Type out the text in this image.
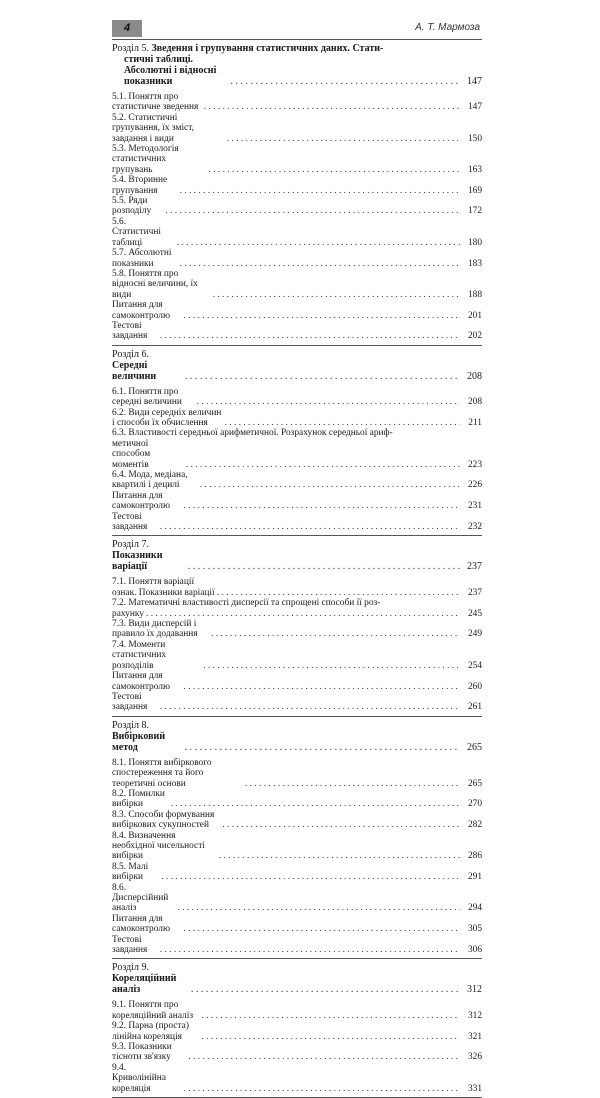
4	А. Т. Мармоза
Розділ 5. Зведення і групування статистичних даних. Стати-
стичні таблиці. Абсолютні і відносні показники . . .	147
5.1. Поняття про статистичне зведення . . .	147
5.2. Статистичні групування, їх зміст, завдання і види . . .	150
5.3. Методологія статистичних групувань . . .	163
5.4. Вторинне групування . . .	169
5.5. Ряди розподілу . . .	172
5.6. Статистичні таблиці . . .	180
5.7. Абсолютні показники . . .	183
5.8. Поняття про відносні величини, їх види . . .	188
Питання для самоконтролю . . .	201
Тестові завдання . . .	202
Розділ 6. Середні величини . . .	208
6.1. Поняття про середні величини . . .	208
6.2. Види середніх величин і способи їх обчислення . . .	211
6.3. Властивості середньої арифметичної. Розрахунок середньої ариф-
метичної способом моментів . . .	223
6.4. Мода, медіана, квартилі і децилі . . .	226
Питання для самоконтролю . . .	231
Тестові завдання . . .	232
Розділ 7. Показники варіації . . .	237
7.1. Поняття варіації ознак. Показники варіації . . .	237
7.2. Математичні властивості дисперсії та спрощені способи її роз-
рахунку . . .	245
7.3. Види дисперсій і правило їх додавання . . .	249
7.4. Моменти статистичних розподілів . . .	254
Питання для самоконтролю . . .	260
Тестові завдання . . .	261
Розділ 8. Вибірковий метод . . .	265
8.1. Поняття вибіркового спостереження та його теоретичні основи . . .	265
8.2. Помилки вибірки . . .	270
8.3. Способи формування вибіркових сукупностей . . .	282
8.4. Визначення необхідної чисельності вибірки . . .	286
8.5. Малі вибірки . . .	291
8.6. Дисперсійний аналіз . . .	294
Питання для самоконтролю . . .	305
Тестові завдання . . .	306
Розділ 9. Кореляційний аналіз . . .	312
9.1. Поняття про кореляційний аналіз . . .	312
9.2. Парна (проста) лінійна кореляція . . .	321
9.3. Показники тісноти зв'язку . . .	326
9.4. Криволінійна кореляція . . .	331
